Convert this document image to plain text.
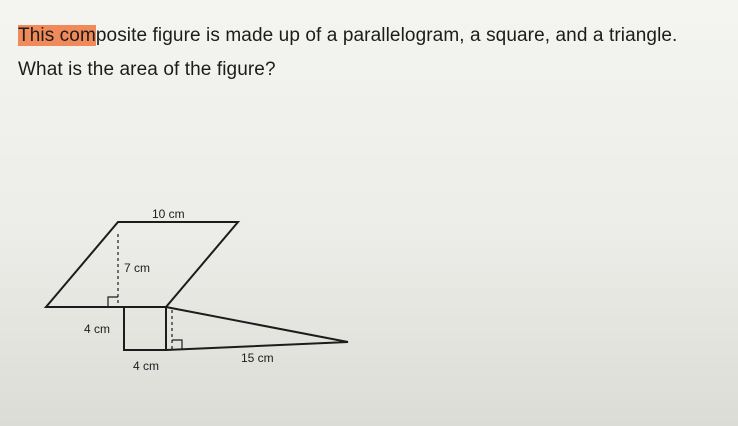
This composite figure is made up of a parallelogram, a square, and a triangle.

What is the area of the figure?

10 cm
7 cm
4 cm
4 cm
15 cm
